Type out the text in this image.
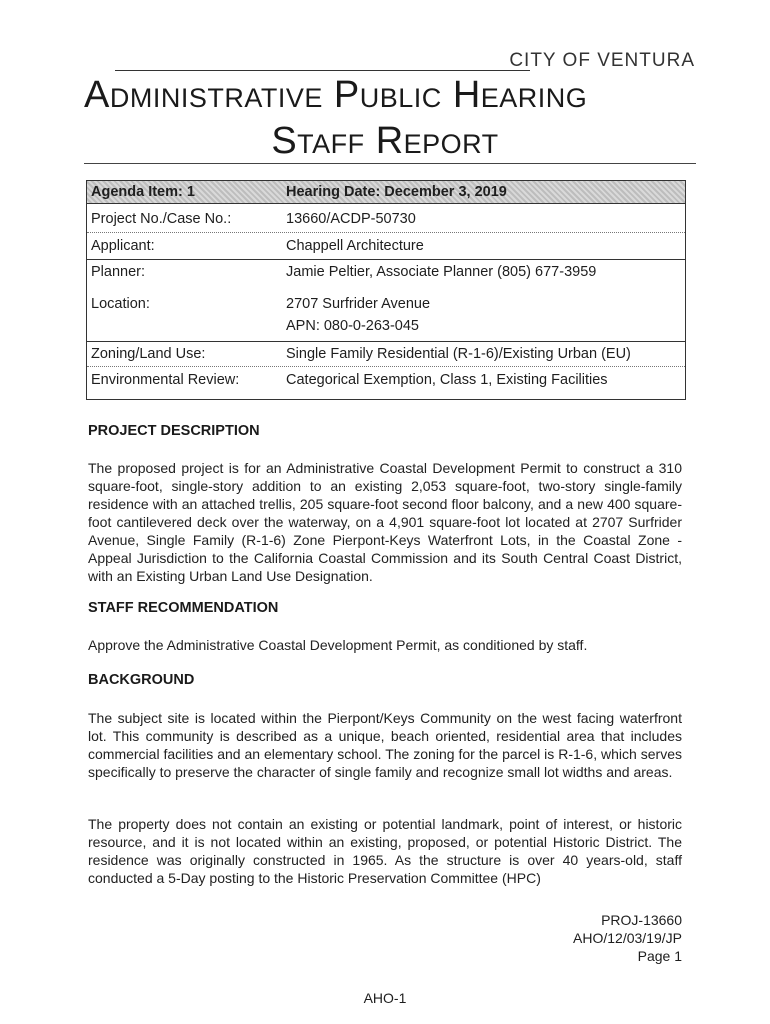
CITY OF VENTURA
Administrative Public Hearing
Staff Report
Agenda Item: 1	Hearing Date: December 3, 2019
Project No./Case No.:	13660/ACDP-50730
Applicant:	Chappell Architecture
Planner:	Jamie Peltier, Associate Planner (805) 677-3959
Location:	2707 Surfrider Avenue
APN: 080-0-263-045
Zoning/Land Use:	Single Family Residential (R-1-6)/Existing Urban (EU)
Environmental Review:	Categorical Exemption, Class 1, Existing Facilities
PROJECT DESCRIPTION
The proposed project is for an Administrative Coastal Development Permit to construct a 310 square-foot, single-story addition to an existing 2,053 square-foot, two-story single-family residence with an attached trellis, 205 square-foot second floor balcony, and a new 400 square-foot cantilevered deck over the waterway, on a 4,901 square-foot lot located at 2707 Surfrider Avenue, Single Family (R-1-6) Zone Pierpont-Keys Waterfront Lots, in the Coastal Zone - Appeal Jurisdiction to the California Coastal Commission and its South Central Coast District, with an Existing Urban Land Use Designation.
STAFF RECOMMENDATION
Approve the Administrative Coastal Development Permit, as conditioned by staff.
BACKGROUND
The subject site is located within the Pierpont/Keys Community on the west facing waterfront lot. This community is described as a unique, beach oriented, residential area that includes commercial facilities and an elementary school. The zoning for the parcel is R-1-6, which serves specifically to preserve the character of single family and recognize small lot widths and areas.
The property does not contain an existing or potential landmark, point of interest, or historic resource, and it is not located within an existing, proposed, or potential Historic District. The residence was originally constructed in 1965. As the structure is over 40 years-old, staff conducted a 5-Day posting to the Historic Preservation Committee (HPC)
PROJ-13660
AHO/12/03/19/JP
Page 1
AHO-1
